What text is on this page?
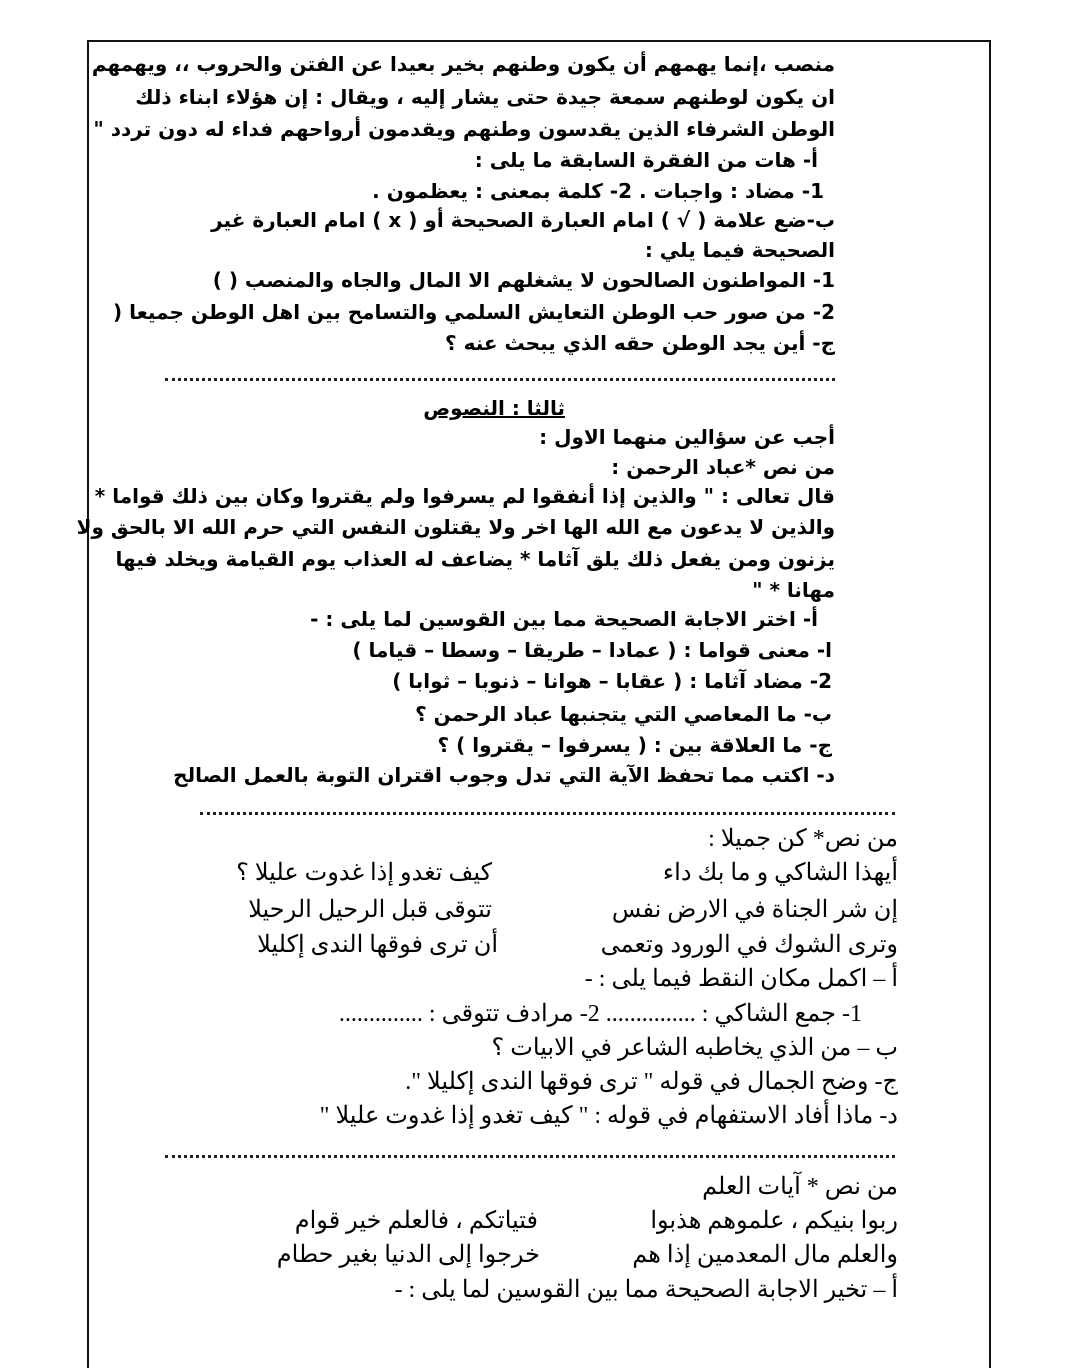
منصب ،إنما يهمهم أن يكون وطنهم بخير بعيدا عن الفتن والحروب ،، ويهمهم
ان يكون لوطنهم سمعة جيدة حتى يشار إليه ، ويقال : إن هؤلاء ابناء ذلك
الوطن الشرفاء الذين يقدسون وطنهم ويقدمون أرواحهم فداء له دون تردد "
أ- هات من الفقرة السابقة ما يلى :
1- مضاد : واجبات . 2- كلمة بمعنى : يعظمون .
ب-ضع علامة ( √ ) امام العبارة الصحيحة أو ( x ) امام العبارة غير
الصحيحة فيما يلي :
1- المواطنون الصالحون لا يشغلهم الا المال والجاه والمنصب ( )
2- من صور حب الوطن التعايش السلمي والتسامح بين اهل الوطن جميعا (
ج- أين يجد الوطن حقه الذي يبحث عنه ؟
ثالثا : النصوص
أجب عن سؤالين منهما الاول :
من نص *عباد الرحمن :
قال تعالى : " والذين إذا أنفقوا لم يسرفوا ولم يقتروا وكان بين ذلك قواما *
والذين لا يدعون مع الله الها اخر ولا يقتلون النفس التي حرم الله الا بالحق ولا
يزنون ومن يفعل ذلك يلق آثاما * يضاعف له العذاب يوم القيامة ويخلد فيها
مهانا * "
أ- اختر الاجابة الصحيحة مما بين القوسين لما يلى : -
ا- معنى قواما : ( عمادا – طريقا – وسطا – قياما )
2- مضاد آثاما : ( عقابا – هوانا – ذنوبا – ثوابا )
ب- ما المعاصي التي يتجنبها عباد الرحمن ؟
ج- ما العلاقة بين : ( يسرفوا – يقتروا ) ؟
د- اكتب مما تحفظ الآية التي تدل وجوب اقتران التوبة بالعمل الصالح
من نص* كن جميلا :
أيهذا الشاكي و ما بك داء
كيف تغدو إذا غدوت عليلا ؟
إن شر الجناة في الارض نفس
تتوقى قبل الرحيل الرحيلا
وترى الشوك في الورود وتعمى
أن ترى فوقها الندى إكليلا
أ – اكمل مكان النقط فيما يلى : -
1- جمع الشاكي : ............... 2- مرادف تتوقى : ..............
ب – من الذي يخاطبه الشاعر في الابيات ؟
ج- وضح الجمال في قوله " ترى فوقها الندى إكليلا ".
د- ماذا أفاد الاستفهام في قوله : " كيف تغدو إذا غدوت عليلا "
من نص * آيات العلم
ربوا بنيكم ، علموهم هذبوا
فتياتكم ، فالعلم خير قوام
والعلم مال المعدمين إذا هم
خرجوا إلى الدنيا بغير حطام
أ – تخير الاجابة الصحيحة مما بين القوسين لما يلى : -
